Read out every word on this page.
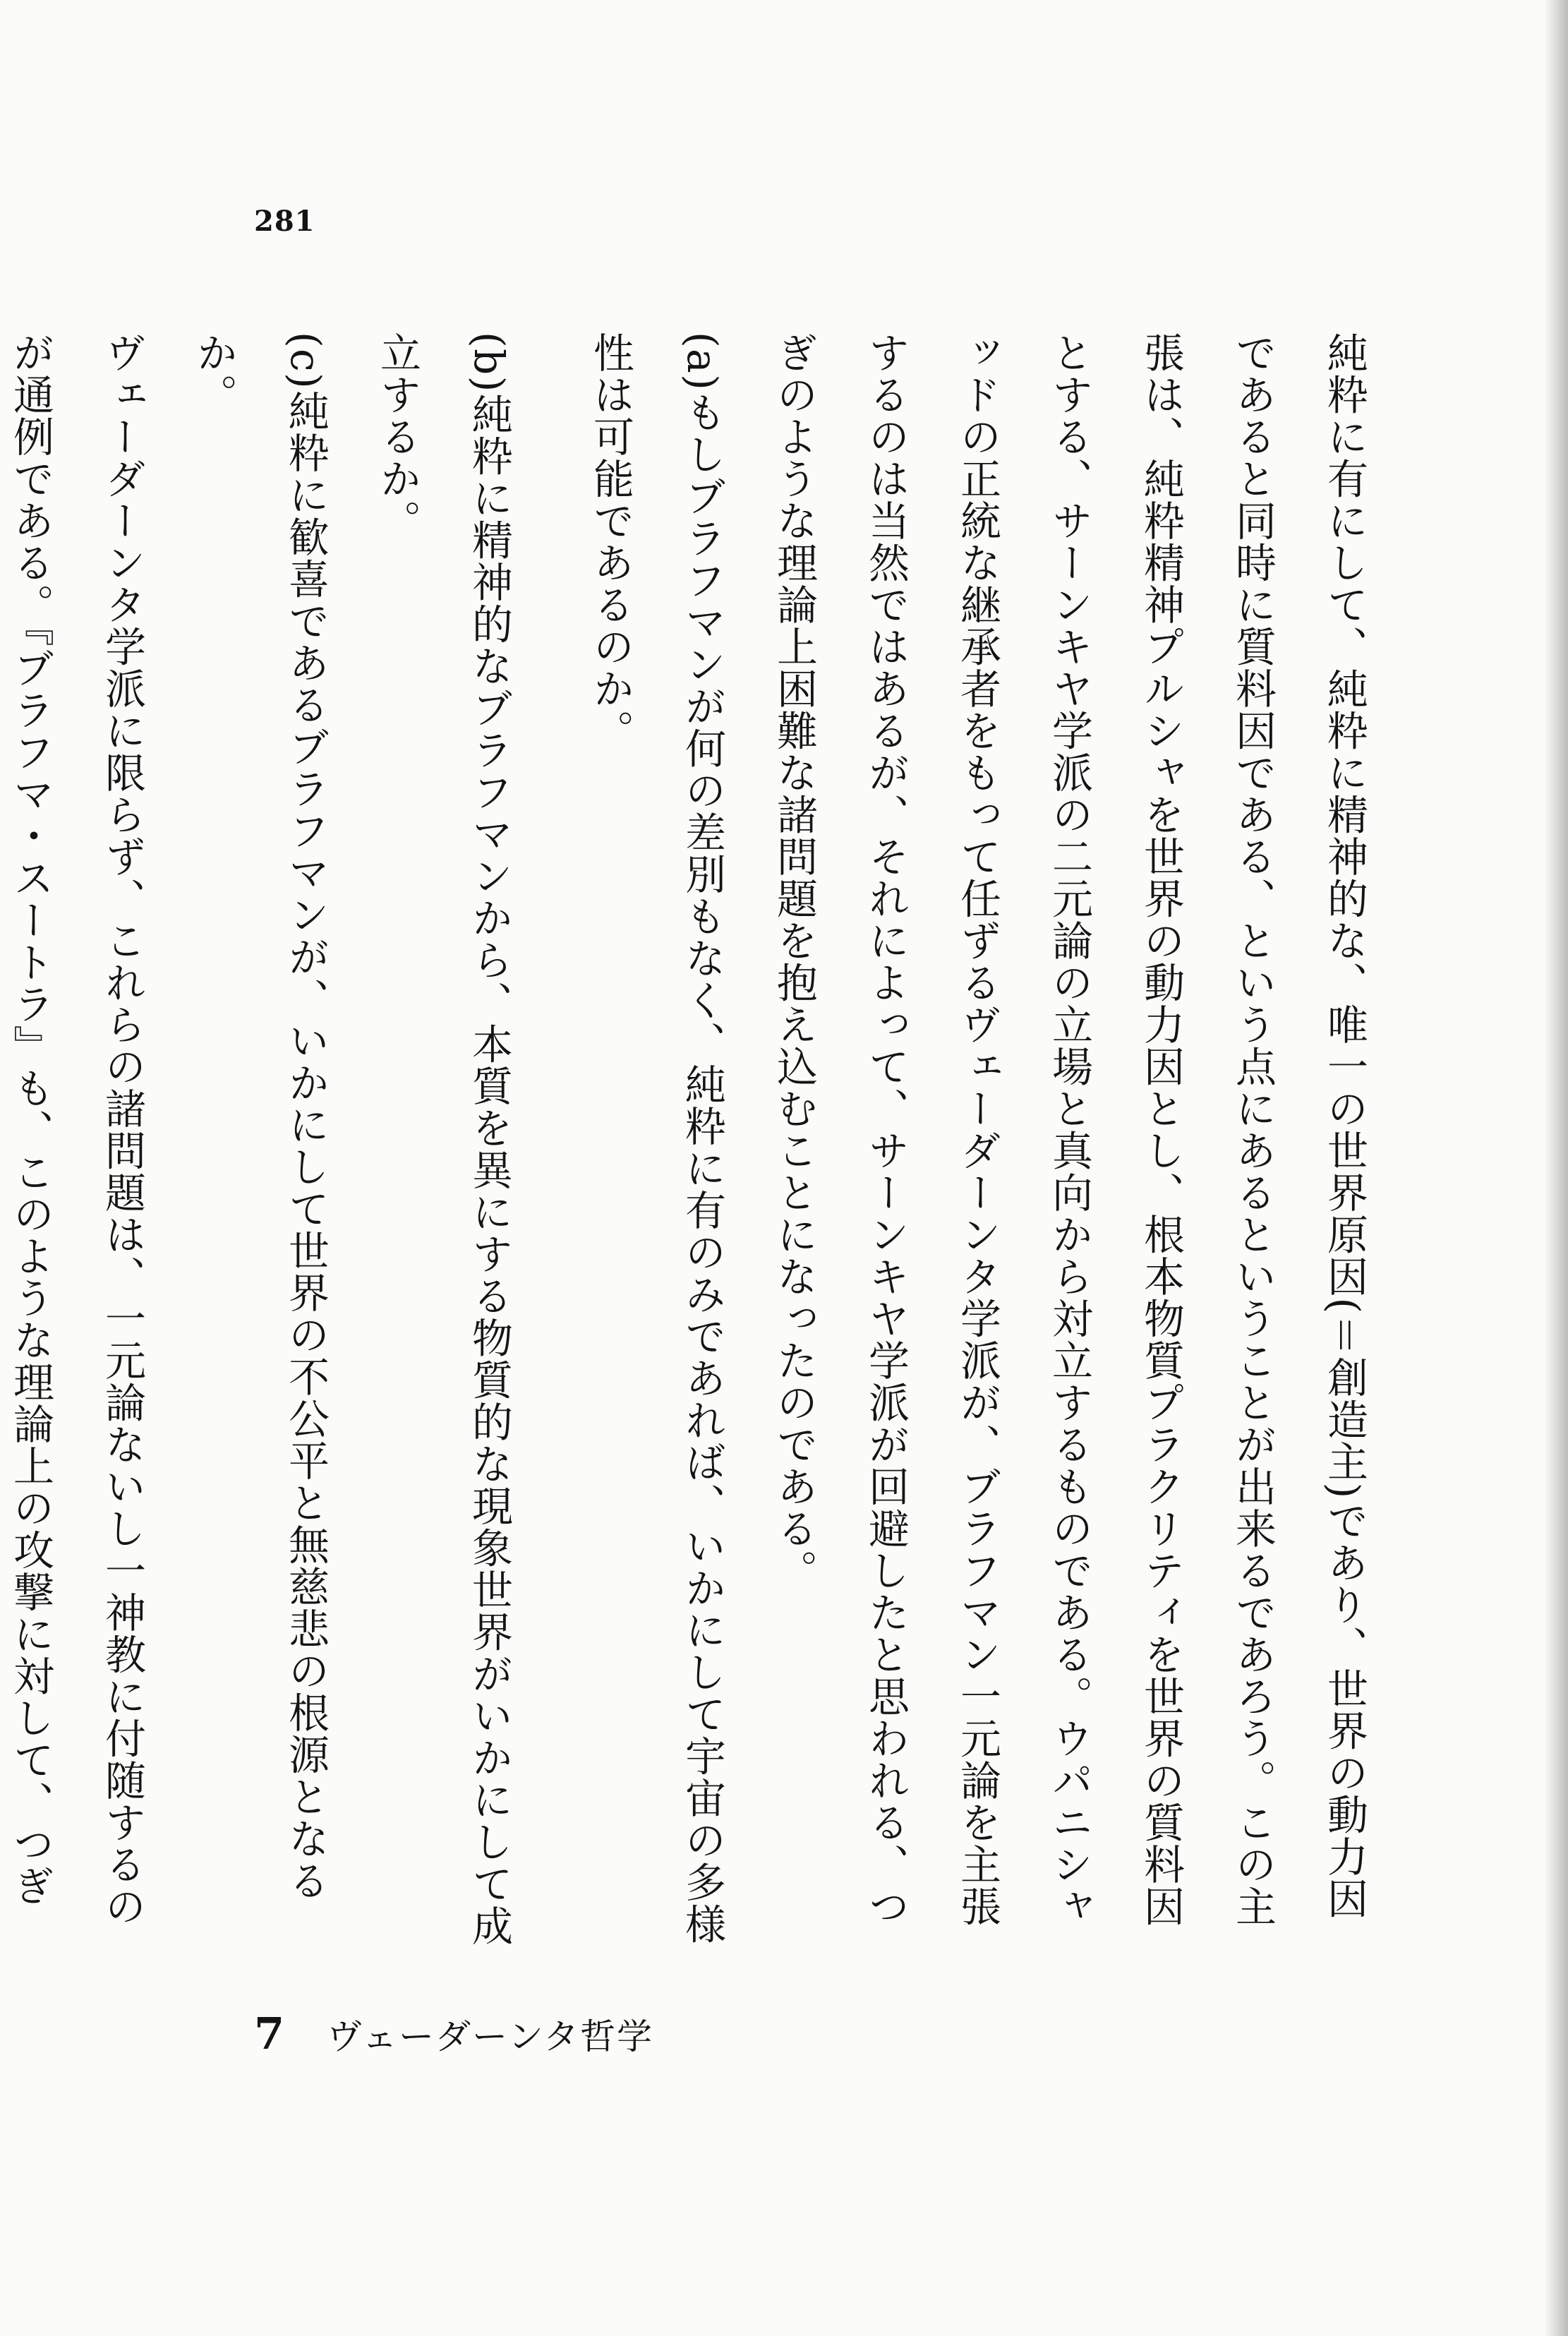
281

純粋に有にして、純粋に精神的な、唯一の世界原因(＝創造主)であり、世界の動力因であると同時に質料因である、という点にあるということが出来るであろう。この主張は、純粋精神プルシャを世界の動力因とし、根本物質プラクリティを世界の質料因とする、サーンキヤ学派の二元論の立場と真向から対立するものである。ウパニシャッドの正統な継承者をもって任ずるヴェーダーンタ学派が、ブラフマン一元論を主張するのは当然ではあるが、それによって、サーンキヤ学派が回避したと思われる、つぎのような理論上困難な諸問題を抱え込むことになったのである。

(a)もしブラフマンが何の差別もなく、純粋に有のみであれば、いかにして宇宙の多様性は可能であるのか。

(b)純粋に精神的なブラフマンから、本質を異にする物質的な現象世界がいかにして成立するか。

(c)純粋に歓喜であるブラフマンが、いかにして世界の不公平と無慈悲の根源となるか。

ヴェーダーンタ学派に限らず、これらの諸問題は、一元論ないし一神教に付随するのが通例である。『ブラフマ・スートラ』も、このような理論上の攻撃に対して、つぎ

7 ヴェーダーンタ哲学
